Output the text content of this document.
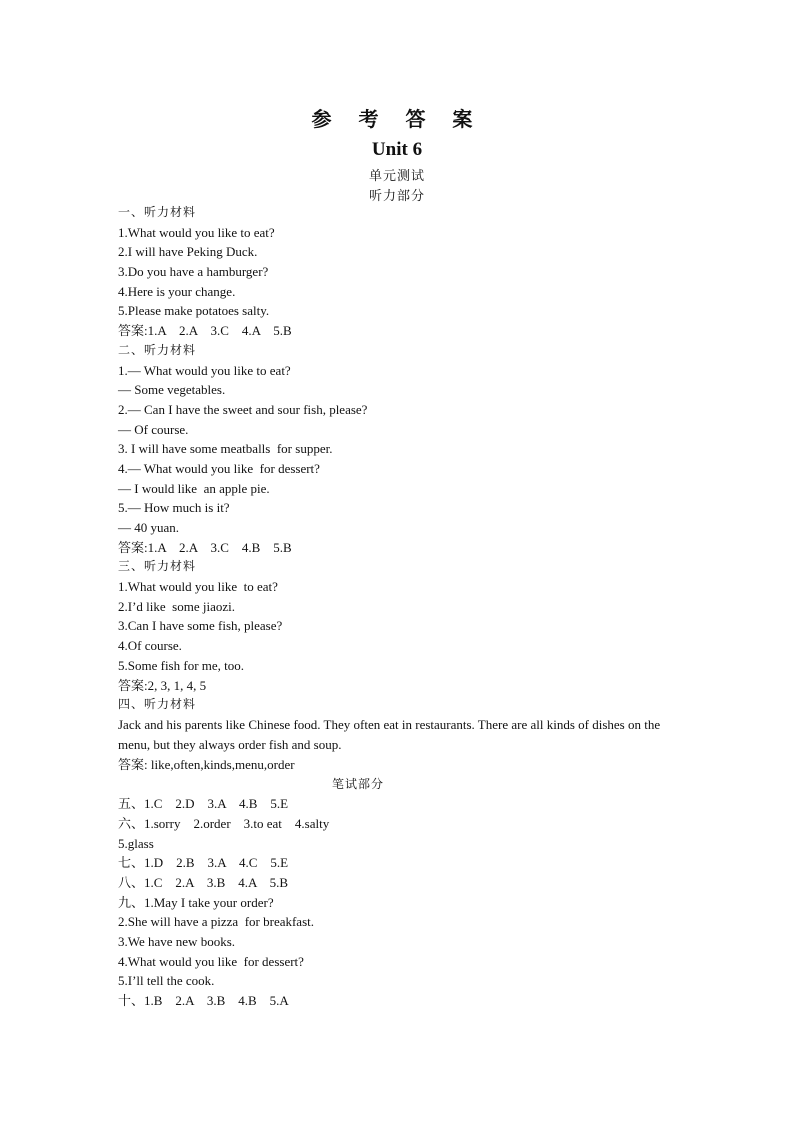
参 考 答 案
Unit 6
单元测试
听力部分
一、听力材料
1.What would you like to eat?
2.I will have Peking Duck.
3.Do you have a hamburger?
4.Here is your change.
5.Please make potatoes salty.
答案:1.A    2.A    3.C    4.A    5.B
二、听力材料
1.— What would you like to eat?
— Some vegetables.
2.— Can I have the sweet and sour fish, please?
— Of course.
3. I will have some meatballs  for supper.
4.— What would you like  for dessert?
— I would like  an apple pie.
5.— How much is it?
— 40 yuan.
答案:1.A    2.A    3.C    4.B    5.B
三、听力材料
1.What would you like  to eat?
2.I’d like  some jiaozi.
3.Can I have some fish, please?
4.Of course.
5.Some fish for me, too.
答案:2, 3, 1, 4, 5
四、听力材料
Jack and his parents like Chinese food. They often eat in restaurants. There are all kinds of dishes on the menu, but they always order fish and soup.
答案: like,often,kinds,menu,order
笔试部分
五、1.C    2.D    3.A    4.B    5.E
六、1.sorry    2.order    3.to eat    4.salty
5.glass
七、1.D    2.B    3.A    4.C    5.E
八、1.C    2.A    3.B    4.A    5.B
九、1.May I take your order?
2.She will have a pizza  for breakfast.
3.We have new books.
4.What would you like  for dessert?
5.I’ll tell the cook.
十、1.B    2.A    3.B    4.B    5.A
